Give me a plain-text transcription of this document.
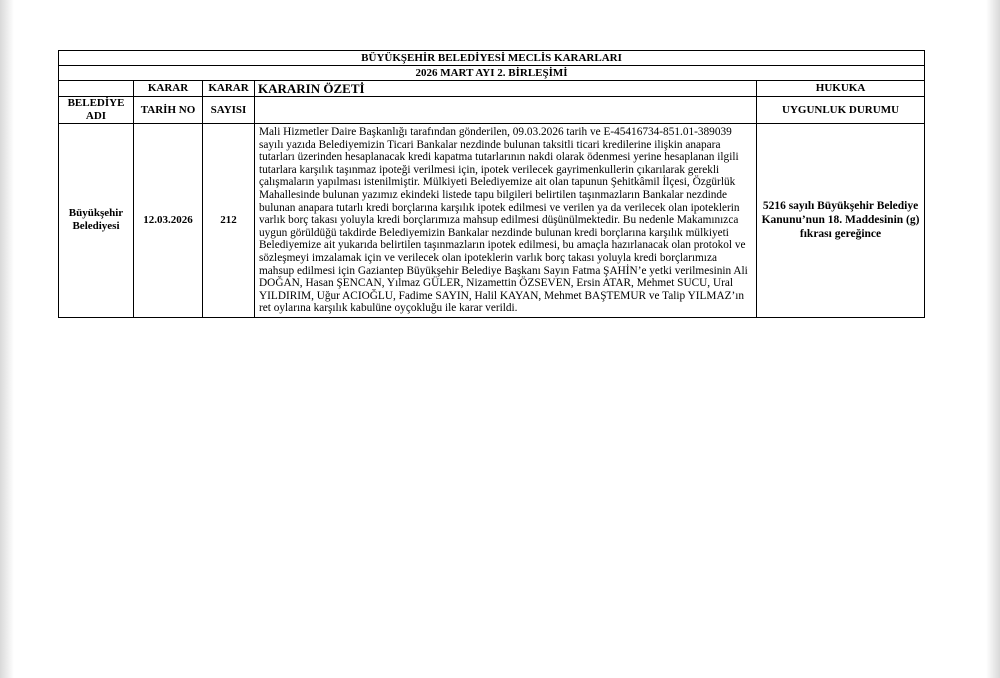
BÜYÜKŞEHİR BELEDİYESİ MECLİS KARARLARI				
2026 MART AYI 2. BİRLEŞİMİ				
	KARAR	KARAR	KARARIN ÖZETİ	HUKUKA
BELEDİYE ADI	TARİH NO	SAYISI		UYGUNLUK DURUMU
Büyükşehir Belediyesi	12.03.2026	212	Mali Hizmetler Daire Başkanlığı tarafından gönderilen, 09.03.2026 tarih ve E-45416734-851.01-389039 sayılı yazıda Belediyemizin Ticari Bankalar nezdinde bulunan taksitli ticari kredilerine ilişkin anapara tutarları üzerinden hesaplanacak kredi kapatma tutarlarının nakdi olarak ödenmesi yerine hesaplanan ilgili tutarlara karşılık taşınmaz ipoteği verilmesi için, ipotek verilecek gayrimenkullerin çıkarılarak gerekli çalışmaların yapılması istenilmiştir. Mülkiyeti Belediyemize ait olan tapunun Şehitkâmil İlçesi, Özgürlük Mahallesinde bulunan yazımız ekindeki listede tapu bilgileri belirtilen taşınmazların Bankalar nezdinde bulunan anapara tutarlı kredi borçlarına karşılık ipotek edilmesi ve verilen ya da verilecek olan ipoteklerin varlık borç takası yoluyla kredi borçlarımıza mahsup edilmesi düşünülmektedir. Bu nedenle Makamınızca uygun görüldüğü takdirde Belediyemizin Bankalar nezdinde bulunan kredi borçlarına karşılık mülkiyeti Belediyemize ait yukarıda belirtilen taşınmazların ipotek edilmesi, bu amaçla hazırlanacak olan protokol ve sözleşmeyi imzalamak için ve verilecek olan ipoteklerin varlık borç takası yoluyla kredi borçlarımıza mahsup edilmesi için Gaziantep Büyükşehir Belediye Başkanı Sayın Fatma ŞAHİN’e yetki verilmesinin Ali DOĞAN, Hasan ŞENCAN, Yılmaz GÜLER, Nizamettin ÖZSEVEN, Ersin ATAR, Mehmet SUCU, Ural YILDIRIM, Uğur ACIOĞLU, Fadime SAYIN, Halil KAYAN, Mehmet BAŞTEMUR ve Talip YILMAZ’ın ret oylarına karşılık kabulüne oyçokluğu ile karar verildi.	5216 sayılı Büyükşehir Belediye Kanunu’nun 18. Maddesinin (g) fıkrası gereğince
